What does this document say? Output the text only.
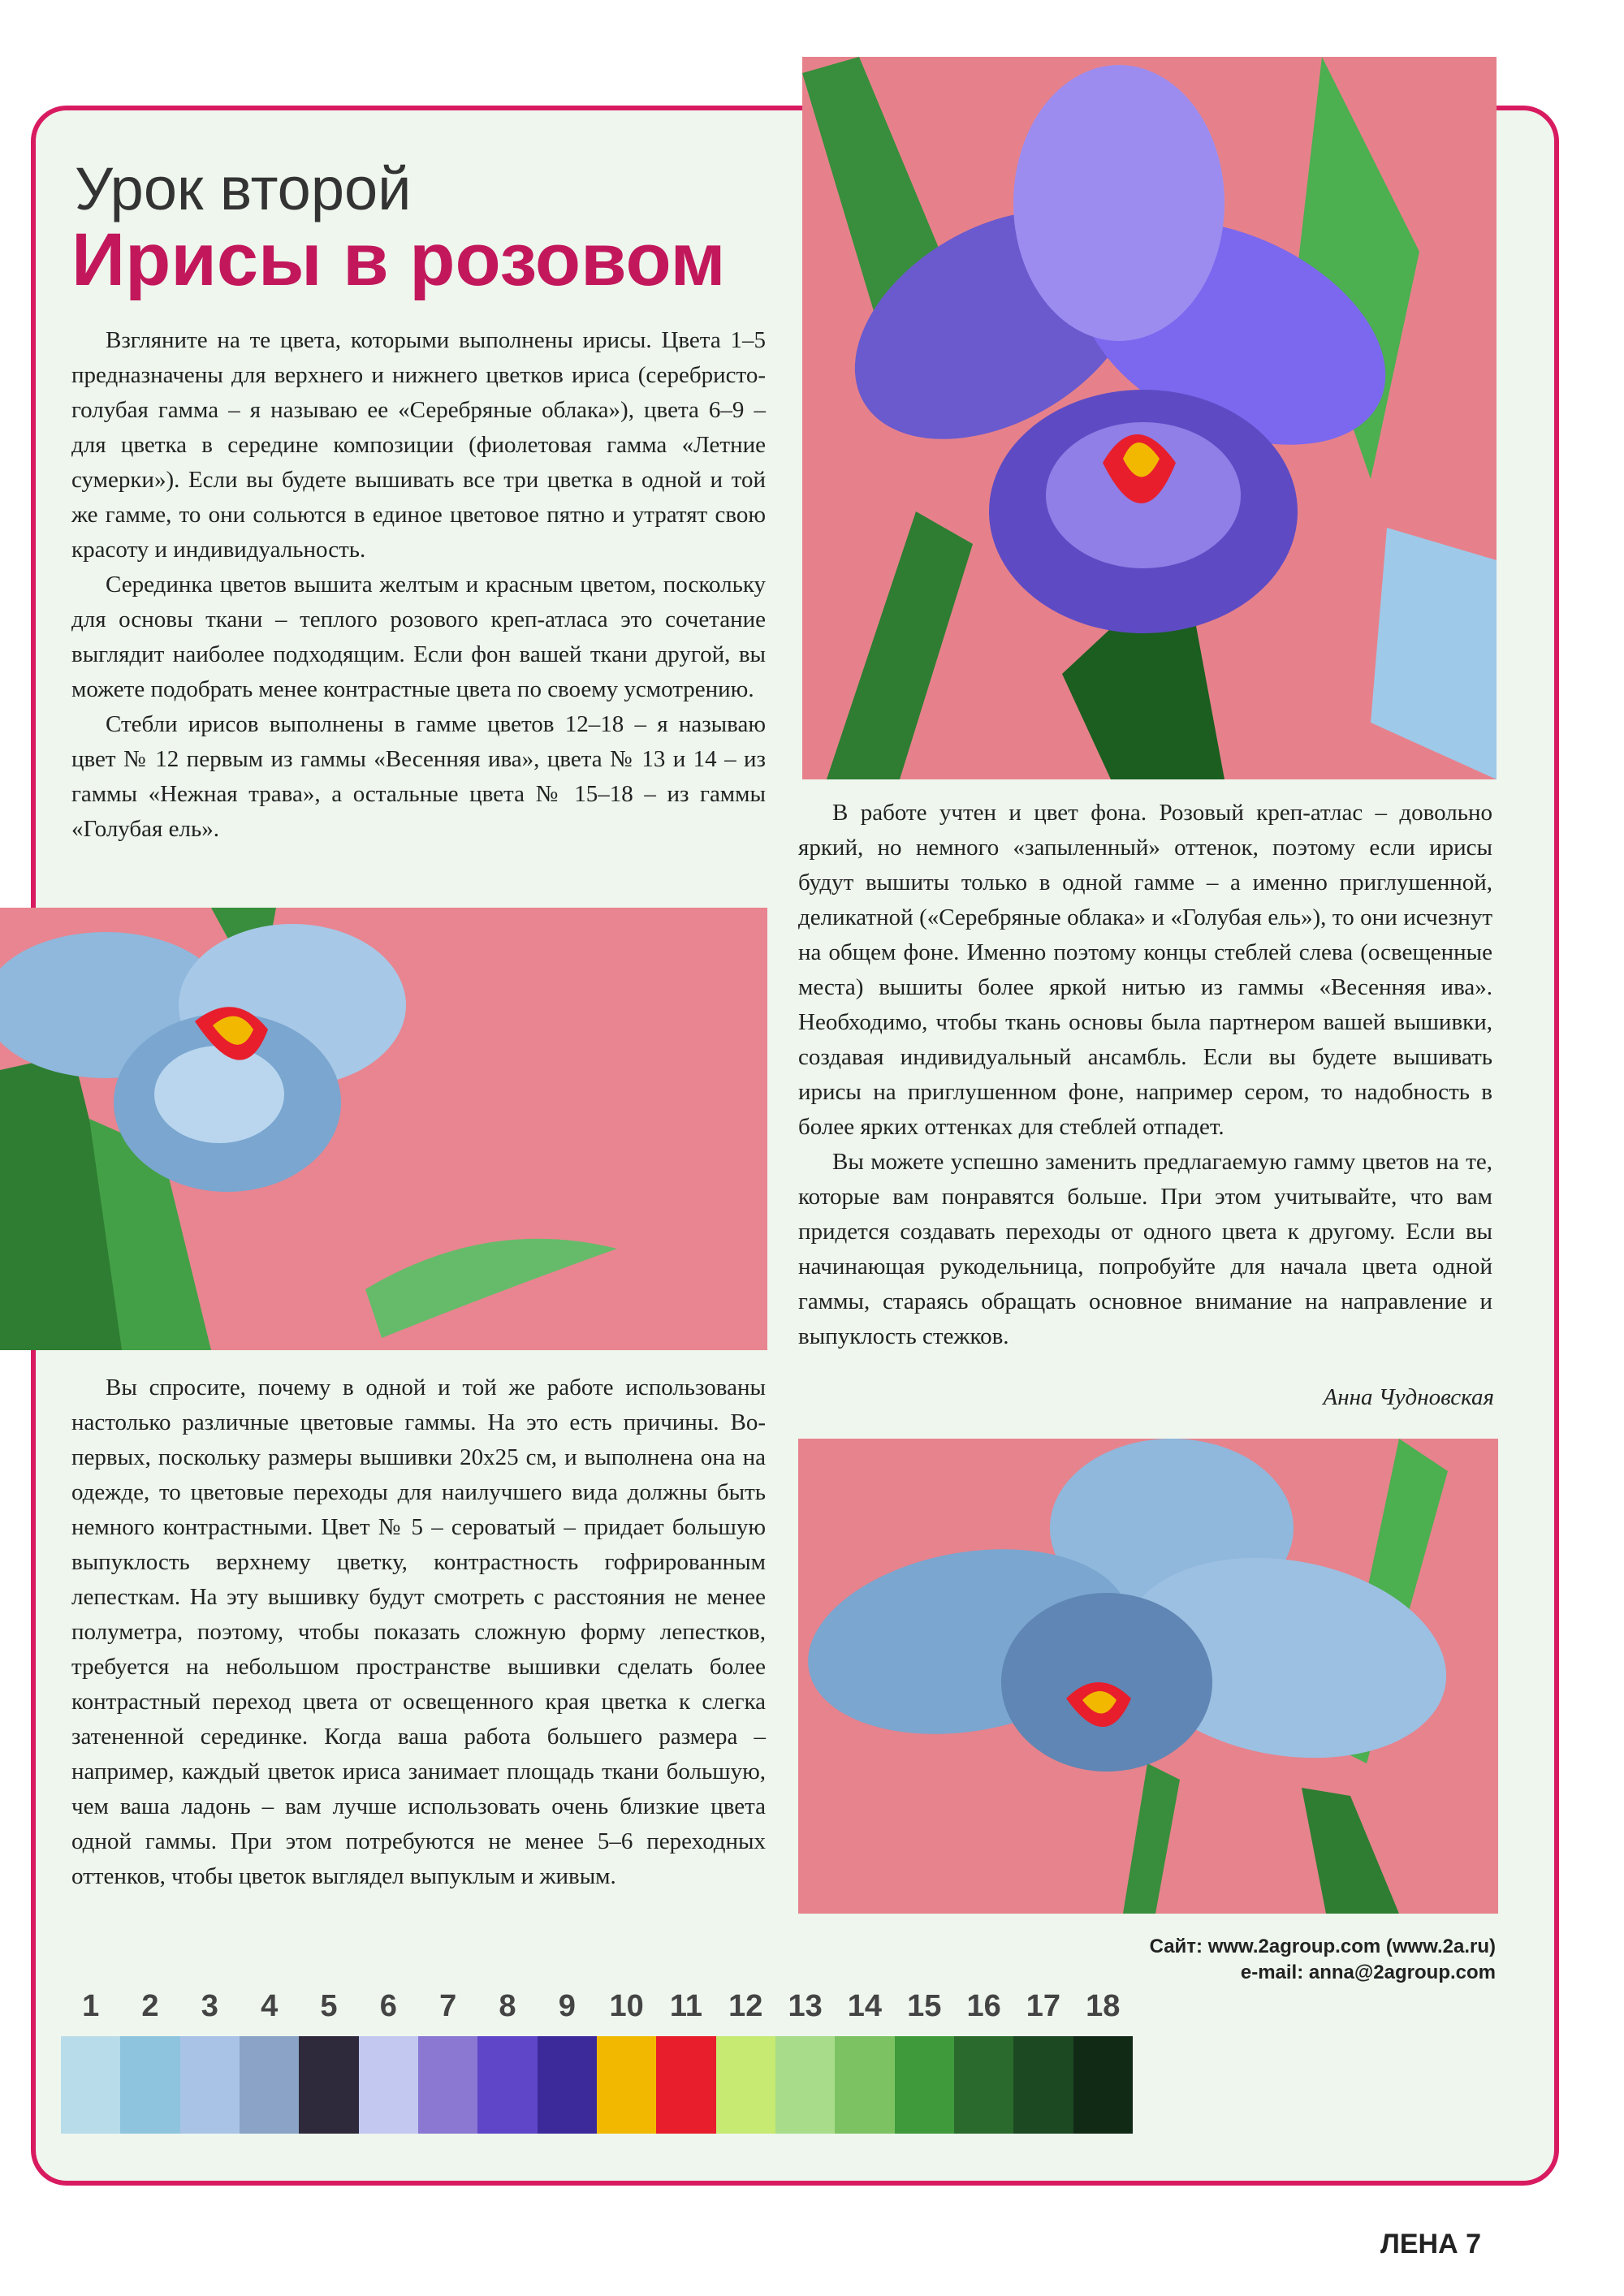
Урок второй
Ирисы в розовом

Взгляните на те цвета, которыми выполнены ирисы. Цвета 1–5 предназначены для верхнего и нижнего цветков ириса (серебристо-голубая гамма – я называю ее «Серебряные облака»), цвета 6–9 – для цветка в середине композиции (фиолетовая гамма «Летние сумерки»). Если вы будете вышивать все три цветка в одной и той же гамме, то они сольются в единое цветовое пятно и утратят свою красоту и индивидуальность.

Серединка цветов вышита желтым и красным цветом, поскольку для основы ткани – теплого розового креп-атласа это сочетание выглядит наиболее подходящим. Если фон вашей ткани другой, вы можете подобрать менее контрастные цвета по своему усмотрению.

Стебли ирисов выполнены в гамме цветов 12–18 – я называю цвет № 12 первым из гаммы «Весенняя ива», цвета № 13 и 14 – из гаммы «Нежная трава», а остальные цвета № 15–18 – из гаммы «Голубая ель».

В работе учтен и цвет фона. Розовый креп-атлас – довольно яркий, но немного «запыленный» оттенок, поэтому если ирисы будут вышиты только в одной гамме – а именно приглушенной, деликатной («Серебряные облака» и «Голубая ель»), то они исчезнут на общем фоне. Именно поэтому концы стеблей слева (освещенные места) вышиты более яркой нитью из гаммы «Весенняя ива». Необходимо, чтобы ткань основы была партнером вашей вышивки, создавая индивидуальный ансамбль. Если вы будете вышивать ирисы на приглушенном фоне, например сером, то надобность в более ярких оттенках для стеблей отпадет.

Вы можете успешно заменить предлагаемую гамму цветов на те, которые вам понравятся больше. При этом учитывайте, что вам придется создавать переходы от одного цвета к другому. Если вы начинающая рукодельница, попробуйте для начала цвета одной гаммы, стараясь обращать основное внимание на направление и выпуклость стежков.

Анна Чудновская

Вы спросите, почему в одной и той же работе использованы настолько различные цветовые гаммы. На это есть причины. Во-первых, поскольку размеры вышивки 20х25 см, и выполнена она на одежде, то цветовые переходы для наилучшего вида должны быть немного контрастными. Цвет № 5 – сероватый – придает большую выпуклость верхнему цветку, контрастность гофрированным лепесткам. На эту вышивку будут смотреть с расстояния не менее полуметра, поэтому, чтобы показать сложную форму лепестков, требуется на небольшом пространстве вышивки сделать более контрастный переход цвета от освещенного края цветка к слегка затененной серединке. Когда ваша работа большего размера – например, каждый цветок ириса занимает площадь ткани большую, чем ваша ладонь – вам лучше использовать очень близкие цвета одной гаммы. При этом потребуются не менее 5–6 переходных оттенков, чтобы цветок выглядел выпуклым и живым.

Сайт: www.2agroup.com (www.2a.ru)
e-mail: anna@2agroup.com
1	2	3	4	5	6	7	8	9	10 11 12 13 14 15 16 17 18
ЛЕНА 7
